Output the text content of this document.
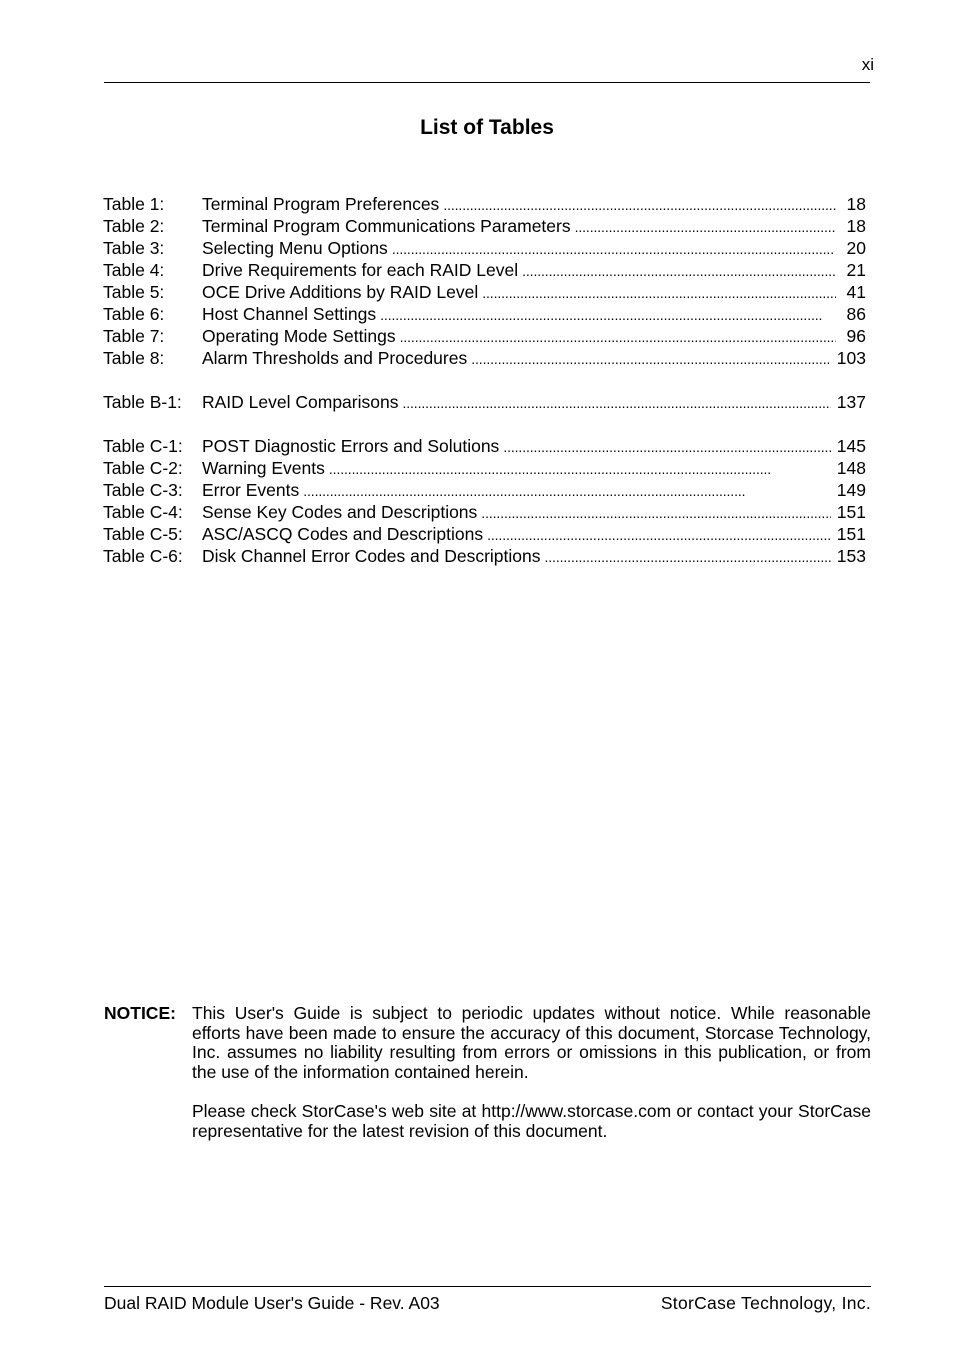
xi
List of Tables
Table 1:	Terminal Program Preferences . . .	18
Table 2:	Terminal Program Communications Parameters . . .	18
Table 3:	Selecting Menu Options . . .	20
Table 4:	Drive Requirements for each RAID Level . . .	21
Table 5:	OCE Drive Additions by RAID Level . . .	41
Table 6:	Host Channel Settings . . .	86
Table 7:	Operating Mode Settings . . .	96
Table 8:	Alarm Thresholds and Procedures . . .	103
Table B-1:	RAID Level Comparisons . . .	137
Table C-1:	POST Diagnostic Errors and Solutions . . .	145
Table C-2:	Warning Events . . .	148
Table C-3:	Error Events . . .	149
Table C-4:	Sense Key Codes and Descriptions . . .	151
Table C-5:	ASC/ASCQ Codes and Descriptions . . .	151
Table C-6:	Disk Channel Error Codes and Descriptions . . .	153
NOTICE: This User's Guide is subject to periodic updates without notice. While reasonable efforts have been made to ensure the accuracy of this document, Storcase Technology, Inc. assumes no liability resulting from errors or omissions in this publication, or from the use of the information contained herein.

Please check StorCase's web site at http://www.storcase.com or contact your StorCase representative for the latest revision of this document.

Dual RAID Module User's Guide - Rev. A03	StorCase Technology, Inc.
